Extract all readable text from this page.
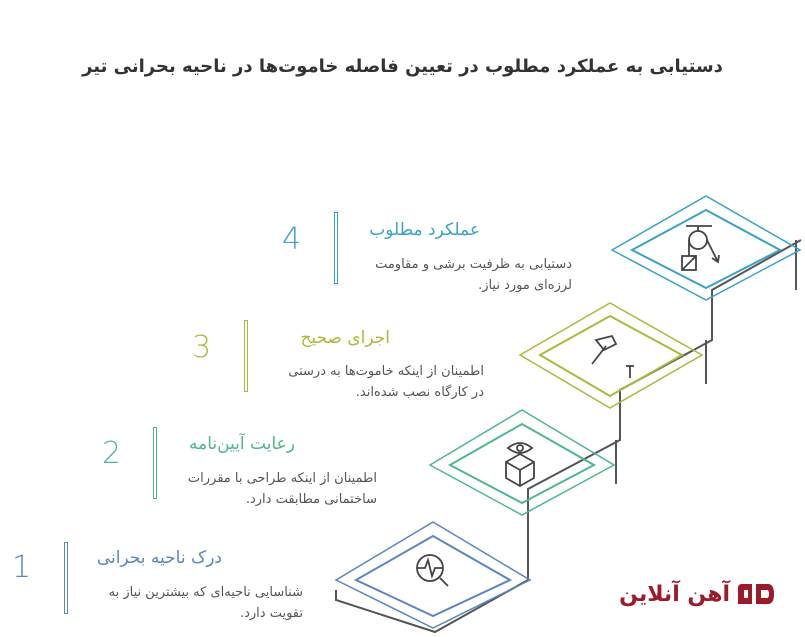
دستیابی به عملکرد مطلوب در تعیین فاصله خاموت‌ها در ناحیه بحرانی تیر
4	عملکرد مطلوب
دستیابی به ظرفیت برشی و مقاومت
لرزه‌ای مورد نیاز.
3	اجرای صحیح
اطمینان از اینکه خاموت‌ها به درستی
در کارگاه نصب شده‌اند.
2	رعایت آیین‌نامه
اطمینان از اینکه طراحی با مقررات
ساختمانی مطابقت دارد.
1	درک ناحیه بحرانی
شناسایی ناحیه‌ای که بیشترین نیاز به
تقویت دارد.
آهن آنلاین
